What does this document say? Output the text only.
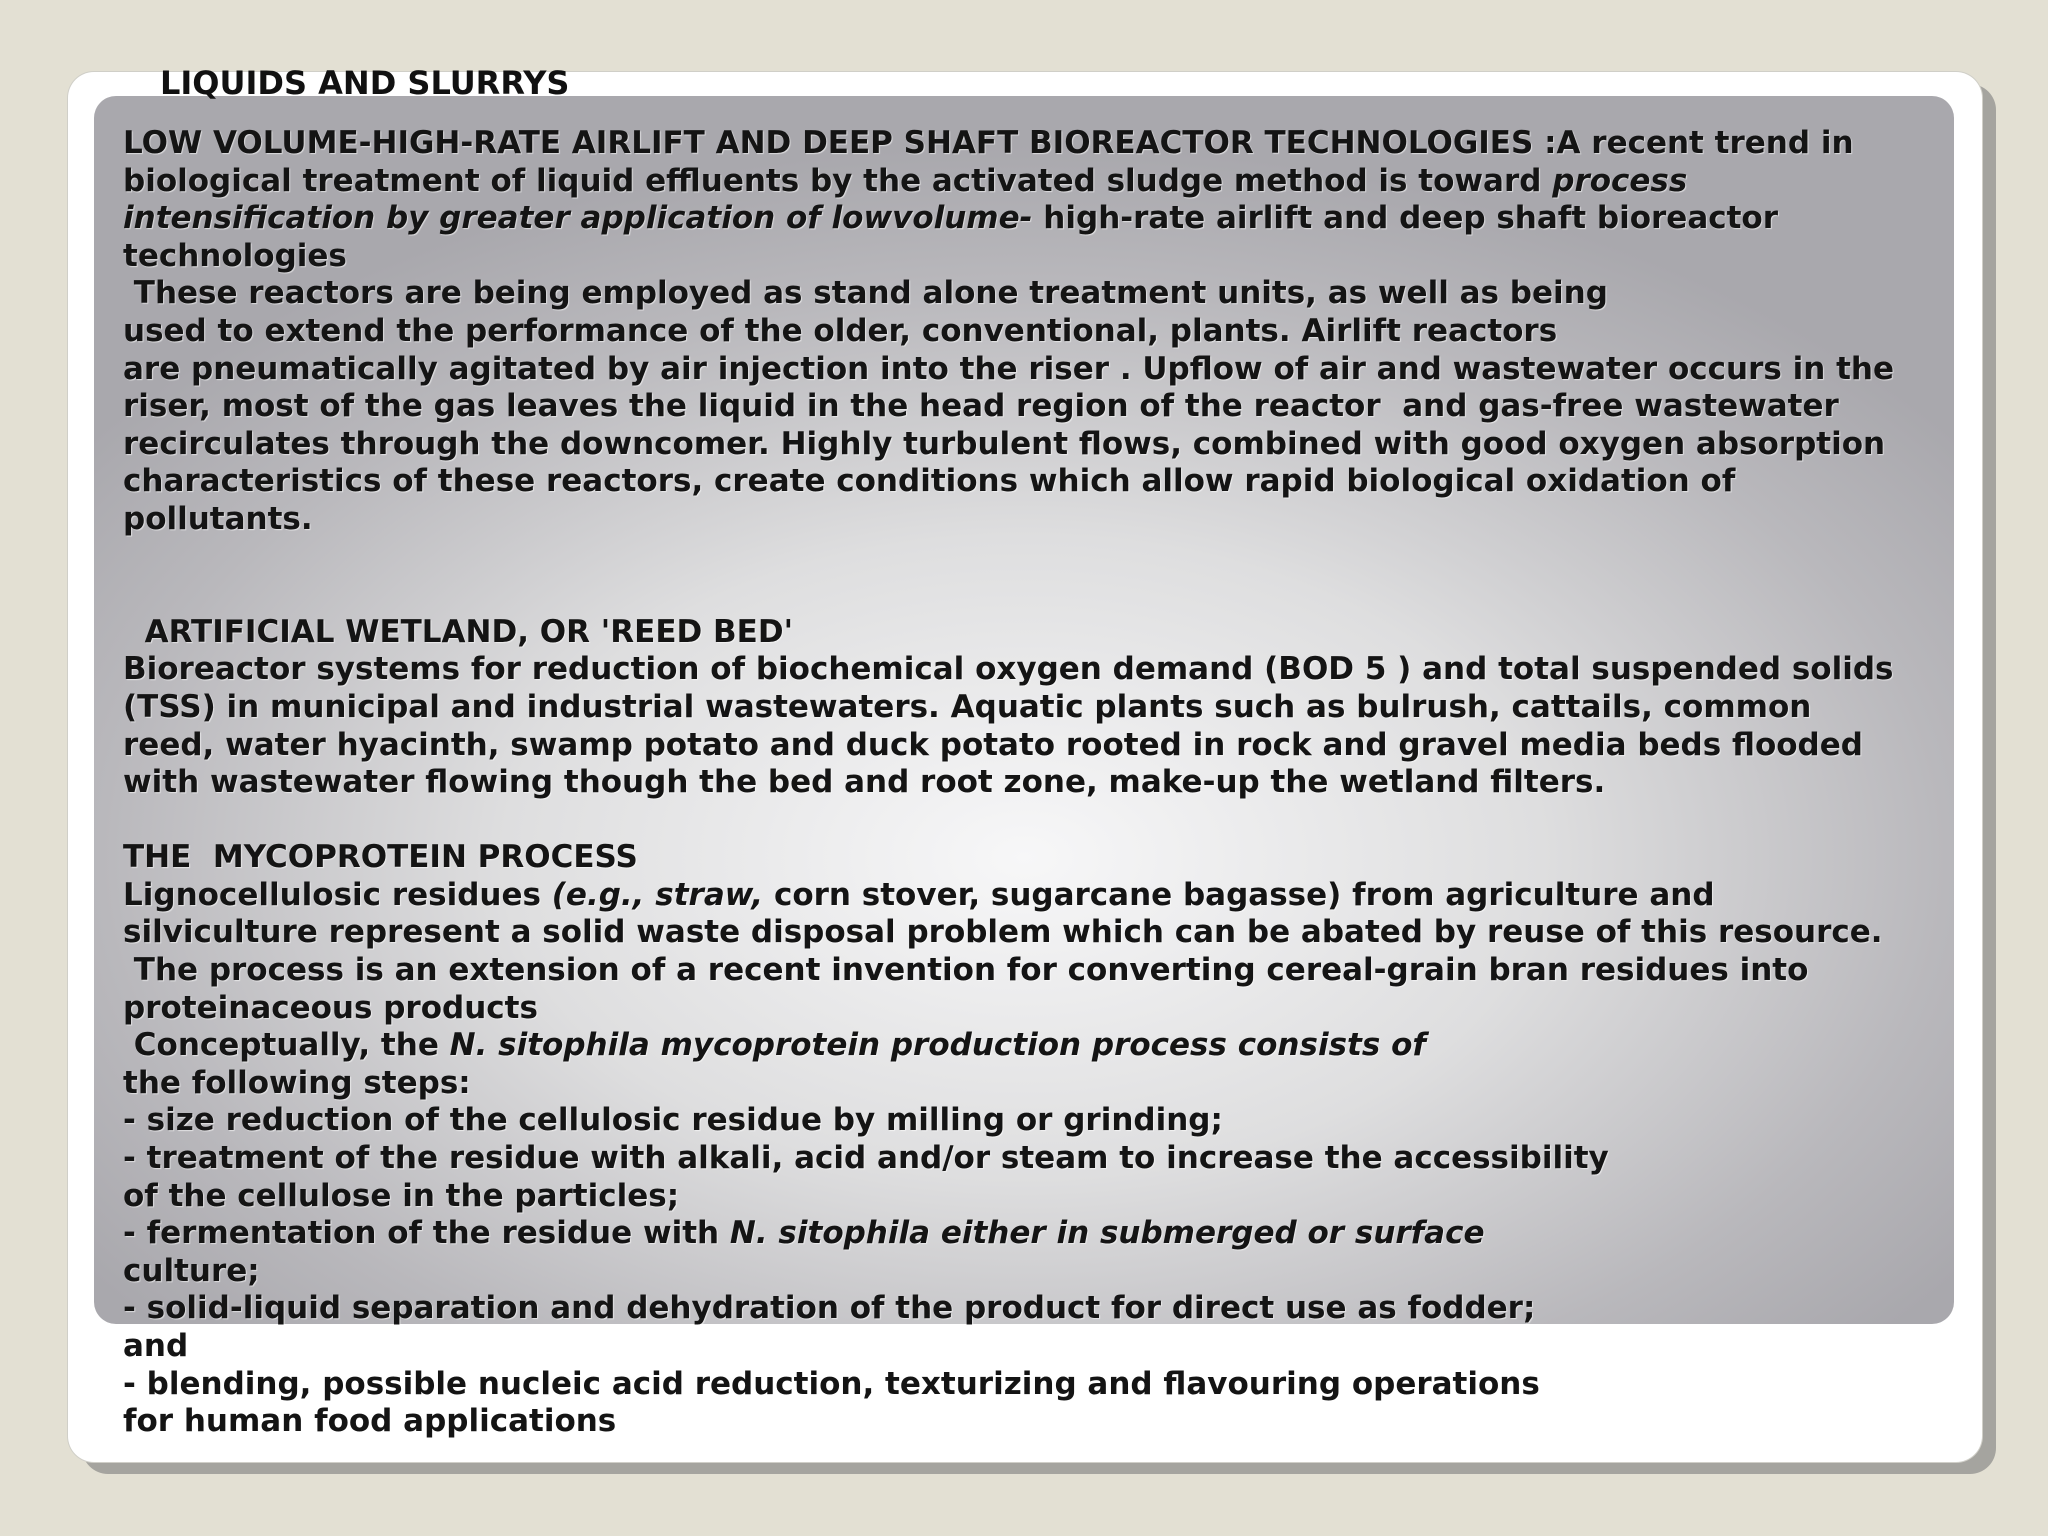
LIQUIDS AND SLURRYS
LOW VOLUME-HIGH-RATE AIRLIFT AND DEEP SHAFT BIOREACTOR TECHNOLOGIES :A recent trend in
biological treatment of liquid effluents by the activated sludge method is toward process
intensification by greater application of lowvolume- high-rate airlift and deep shaft bioreactor
technologies
These reactors are being employed as stand alone treatment units, as well as being
used to extend the performance of the older, conventional, plants. Airlift reactors
are pneumatically agitated by air injection into the riser . Upflow of air and wastewater occurs in the
riser, most of the gas leaves the liquid in the head region of the reactor  and gas-free wastewater
recirculates through the downcomer. Highly turbulent flows, combined with good oxygen absorption
characteristics of these reactors, create conditions which allow rapid biological oxidation of
pollutants.
ARTIFICIAL WETLAND, OR 'REED BED'
Bioreactor systems for reduction of biochemical oxygen demand (BOD 5 ) and total suspended solids
(TSS) in municipal and industrial wastewaters. Aquatic plants such as bulrush, cattails, common
reed, water hyacinth, swamp potato and duck potato rooted in rock and gravel media beds flooded
with wastewater flowing though the bed and root zone, make-up the wetland filters.
THE  MYCOPROTEIN PROCESS
Lignocellulosic residues (e.g., straw, corn stover, sugarcane bagasse) from agriculture and
silviculture represent a solid waste disposal problem which can be abated by reuse of this resource.
The process is an extension of a recent invention for converting cereal-grain bran residues into
proteinaceous products
Conceptually, the N. sitophila mycoprotein production process consists of
the following steps:
- size reduction of the cellulosic residue by milling or grinding;
- treatment of the residue with alkali, acid and/or steam to increase the accessibility
of the cellulose in the particles;
- fermentation of the residue with N. sitophila either in submerged or surface
culture;
- solid-liquid separation and dehydration of the product for direct use as fodder;
and
- blending, possible nucleic acid reduction, texturizing and flavouring operations
for human food applications
